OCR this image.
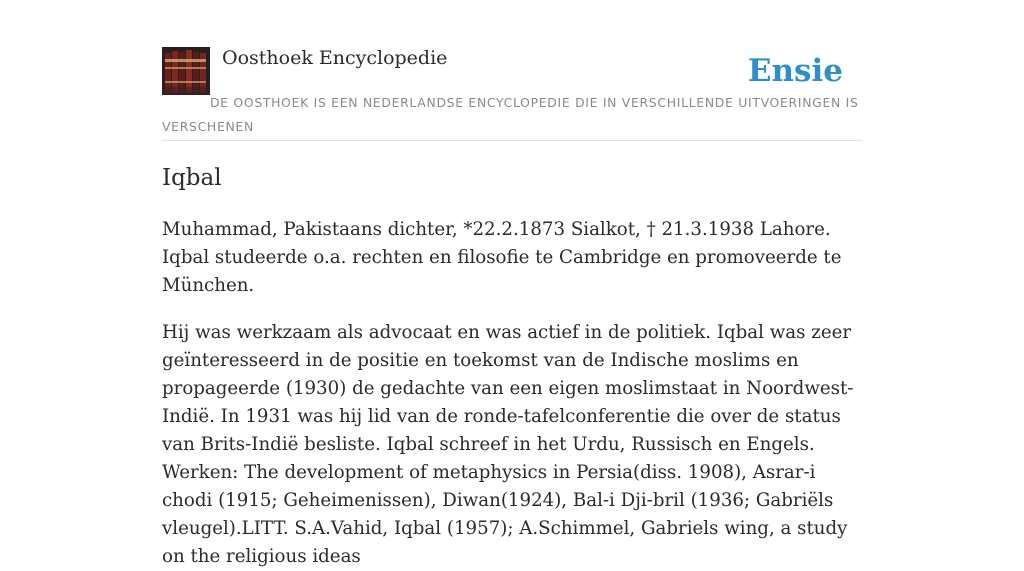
Oosthoek Encyclopedie	Ensie
DE OOSTHOEK IS EEN NEDERLANDSE ENCYCLOPEDIE DIE IN VERSCHILLENDE UITVOERINGEN IS VERSCHENEN
Iqbal

Muhammad, Pakistaans dichter, *22.2.1873 Sialkot, † 21.3.1938 Lahore. Iqbal studeerde o.a. rechten en filosofie te Cambridge en promoveerde te München.

Hij was werkzaam als advocaat en was actief in de politiek. Iqbal was zeer geïnteresseerd in de positie en toekomst van de Indische moslims en propageerde (1930) de gedachte van een eigen moslimstaat in Noordwest-Indië. In 1931 was hij lid van de ronde-tafelconferentie die over de status van Brits-Indië besliste. Iqbal schreef in het Urdu, Russisch en Engels. Werken: The development of metaphysics in Persia(diss. 1908), Asrar-i chodi (1915; Geheimenissen), Diwan(1924), Bal-i Dji-bril (1936; Gabriëls vleugel).LITT. S.A.Vahid, Iqbal (1957); A.Schimmel, Gabriels wing, a study on the religious ideas
